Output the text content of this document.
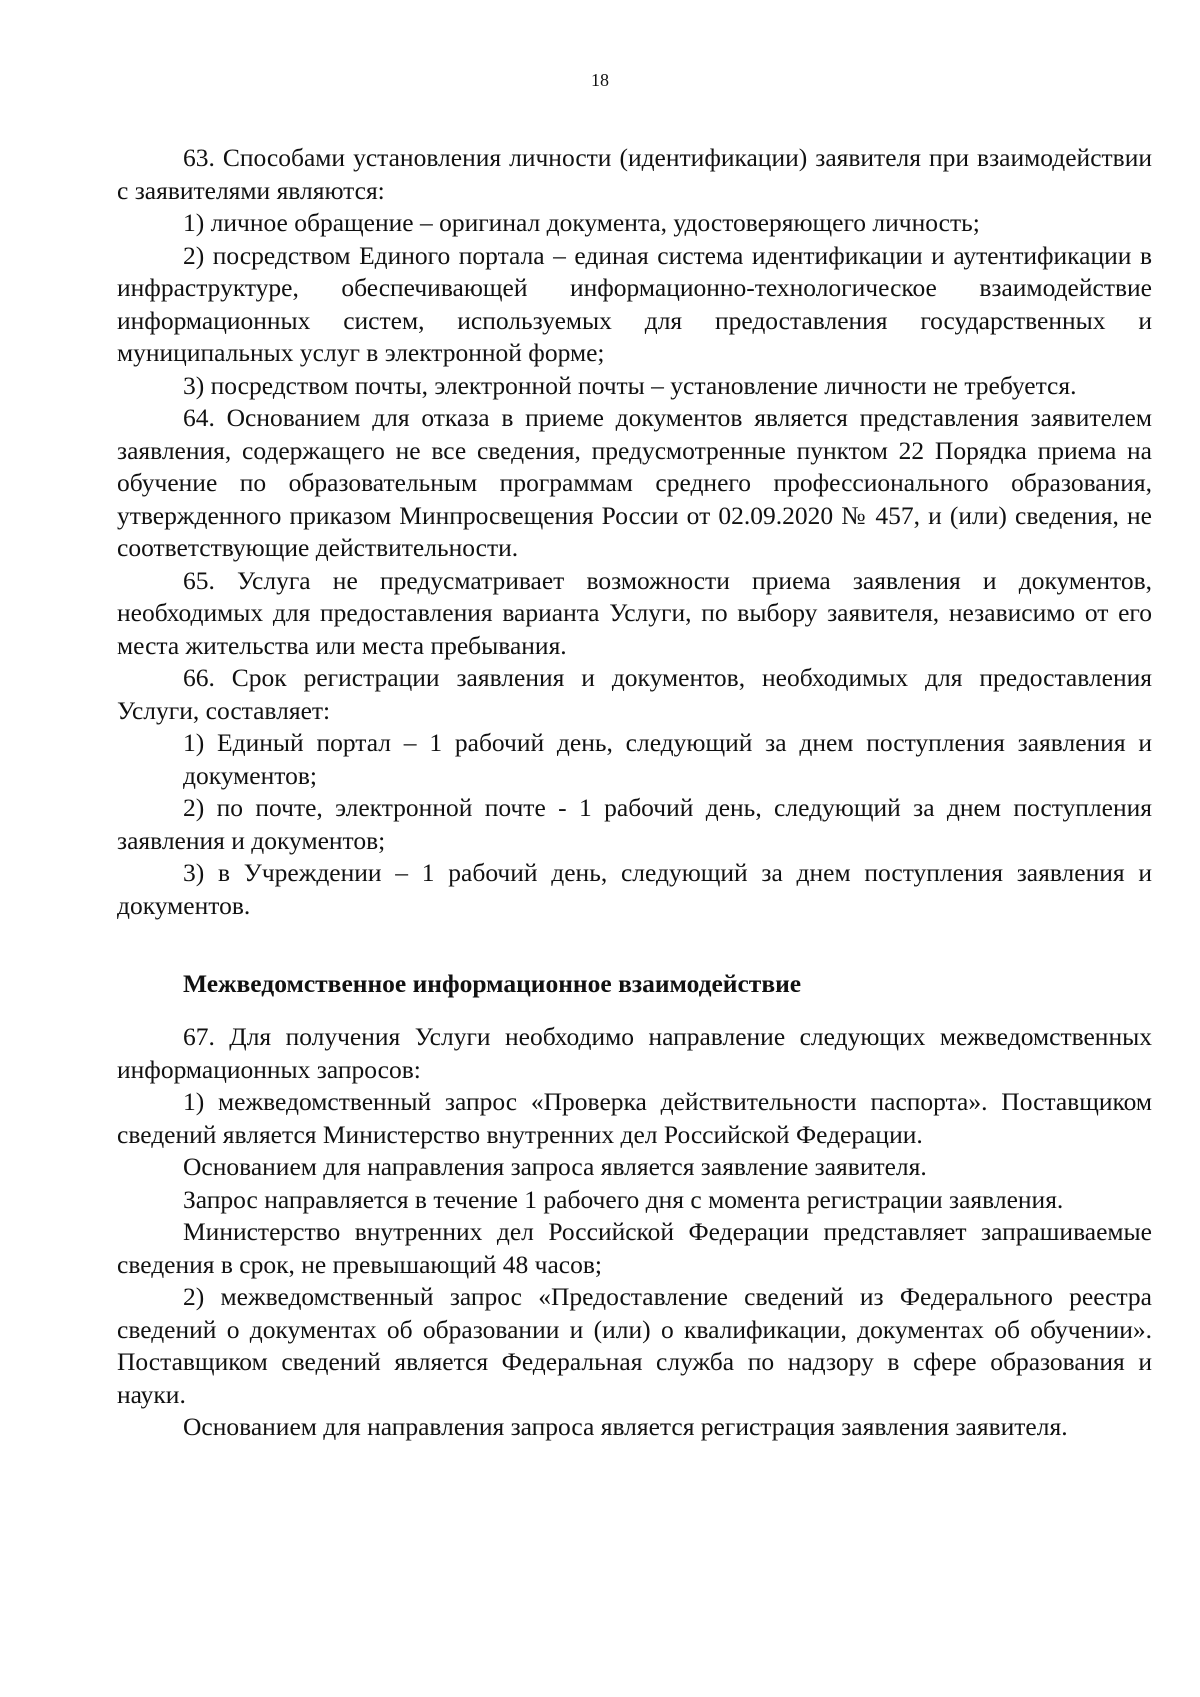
18

63. Способами установления личности (идентификации) заявителя при взаимодействии с заявителями являются:

1) личное обращение – оригинал документа, удостоверяющего личность;

2) посредством Единого портала – единая система идентификации и аутентификации в инфраструктуре, обеспечивающей информационно-технологическое взаимодействие информационных систем, используемых для предоставления государственных и муниципальных услуг в электронной форме;

3) посредством почты, электронной почты – установление личности не требуется.

64. Основанием для отказа в приеме документов является представления заявителем заявления, содержащего не все сведения, предусмотренные пунктом 22 Порядка приема на обучение по образовательным программам среднего профессионального образования, утвержденного приказом Минпросвещения России от 02.09.2020 № 457, и (или) сведения, не соответствующие действительности.

65. Услуга не предусматривает возможности приема заявления и документов, необходимых для предоставления варианта Услуги, по выбору заявителя, независимо от его места жительства или места пребывания.

66. Срок регистрации заявления и документов, необходимых для предоставления Услуги, составляет:

1) Единый портал – 1 рабочий день, следующий за днем поступления заявления и документов;

2) по почте, электронной почте - 1 рабочий день, следующий за днем поступления заявления и документов;

3) в Учреждении – 1 рабочий день, следующий за днем поступления заявления и документов.

Межведомственное информационное взаимодействие

67. Для получения Услуги необходимо направление следующих межведомственных информационных запросов:

1) межведомственный запрос «Проверка действительности паспорта». Поставщиком сведений является Министерство внутренних дел Российской Федерации.

Основанием для направления запроса является заявление заявителя.

Запрос направляется в течение 1 рабочего дня с момента регистрации заявления.

Министерство внутренних дел Российской Федерации представляет запрашиваемые сведения в срок, не превышающий 48 часов;

2) межведомственный запрос «Предоставление сведений из Федерального реестра сведений о документах об образовании и (или) о квалификации, документах об обучении». Поставщиком сведений является Федеральная служба по надзору в сфере образования и науки.

Основанием для направления запроса является регистрация заявления заявителя.
